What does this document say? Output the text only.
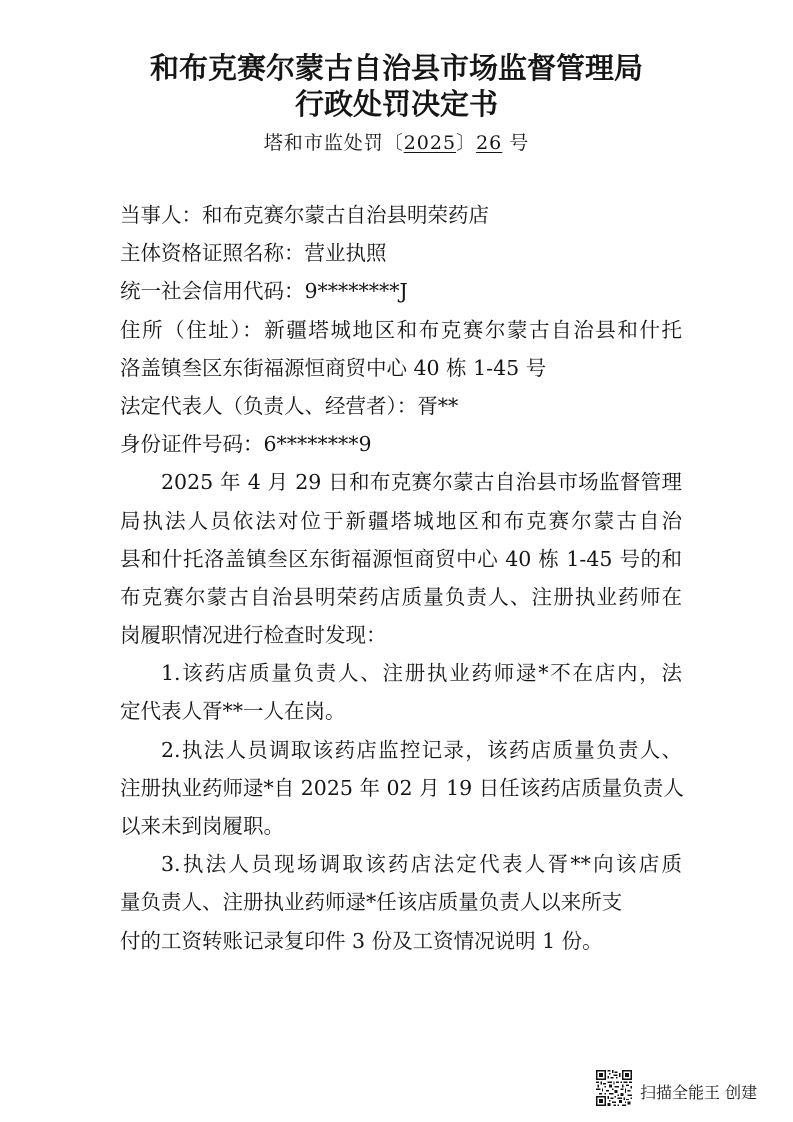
和布克赛尔蒙古自治县市场监督管理局
行政处罚决定书
塔和市监处罚〔2025〕26 号
当事人：和布克赛尔蒙古自治县明荣药店
主体资格证照名称：营业执照
统一社会信用代码：9********J
住所（住址）：新疆塔城地区和布克赛尔蒙古自治县和什托
洛盖镇叁区东街福源恒商贸中心 40 栋 1-45 号
法定代表人（负责人、经营者）：胥**
身份证件号码：6********9
2025 年 4 月 29 日和布克赛尔蒙古自治县市场监督管理
局执法人员依法对位于新疆塔城地区和布克赛尔蒙古自治
县和什托洛盖镇叁区东街福源恒商贸中心 40 栋 1-45 号的和
布克赛尔蒙古自治县明荣药店质量负责人、注册执业药师在
岗履职情况进行检查时发现：
1.该药店质量负责人、注册执业药师逯*不在店内，法
定代表人胥**一人在岗。
2.执法人员调取该药店监控记录，该药店质量负责人、
注册执业药师逯*自 2025 年 02 月 19 日任该药店质量负责人
以来未到岗履职。
3.执法人员现场调取该药店法定代表人胥**向该店质
量负责人、注册执业药师逯*任该店质量负责人以来所支
付的工资转账记录复印件 3 份及工资情况说明 1 份。
扫描全能王 创建
